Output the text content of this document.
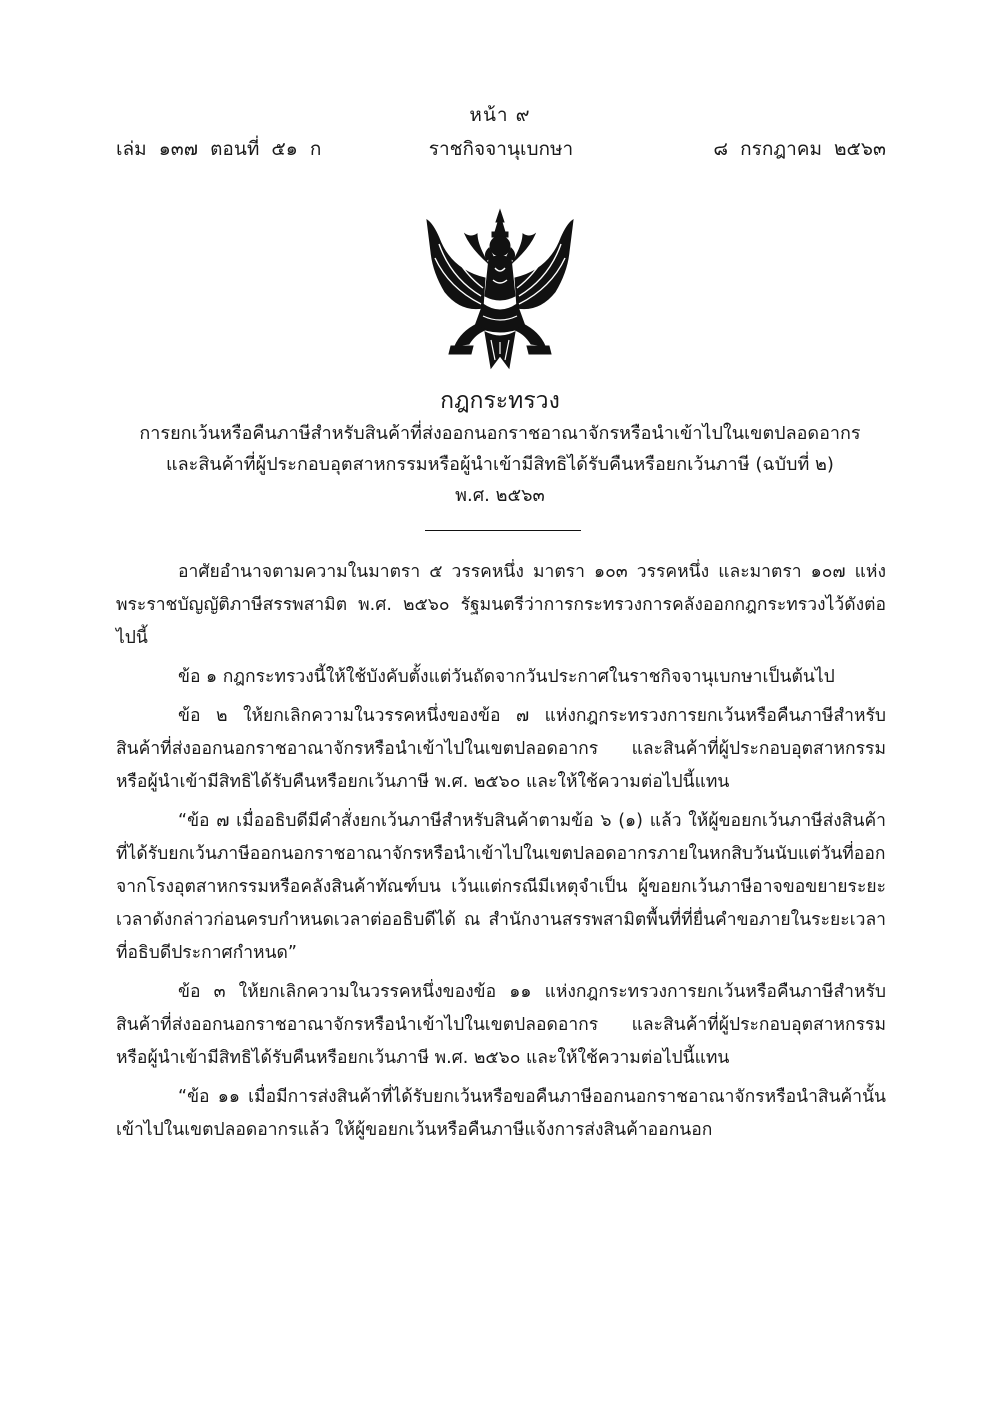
หน้า ๙
เล่ม ๑๓๗ ตอนที่ ๕๑ ก	ราชกิจจานุเบกษา	๘ กรกฎาคม ๒๕๖๓
กฎกระทรวง
การยกเว้นหรือคืนภาษีสำหรับสินค้าที่ส่งออกนอกราชอาณาจักรหรือนำเข้าไปในเขตปลอดอากร
และสินค้าที่ผู้ประกอบอุตสาหกรรมหรือผู้นำเข้ามีสิทธิได้รับคืนหรือยกเว้นภาษี (ฉบับที่ ๒)
พ.ศ. ๒๕๖๓

อาศัยอำนาจตามความในมาตรา ๕ วรรคหนึ่ง มาตรา ๑๐๓ วรรคหนึ่ง และมาตรา ๑๐๗ แห่งพระราชบัญญัติภาษีสรรพสามิต พ.ศ. ๒๕๖๐ รัฐมนตรีว่าการกระทรวงการคลังออกกฎกระทรวงไว้ดังต่อไปนี้

ข้อ ๑ กฎกระทรวงนี้ให้ใช้บังคับตั้งแต่วันถัดจากวันประกาศในราชกิจจานุเบกษาเป็นต้นไป

ข้อ ๒ ให้ยกเลิกความในวรรคหนึ่งของข้อ ๗ แห่งกฎกระทรวงการยกเว้นหรือคืนภาษีสำหรับสินค้าที่ส่งออกนอกราชอาณาจักรหรือนำเข้าไปในเขตปลอดอากร และสินค้าที่ผู้ประกอบอุตสาหกรรมหรือผู้นำเข้ามีสิทธิได้รับคืนหรือยกเว้นภาษี พ.ศ. ๒๕๖๐ และให้ใช้ความต่อไปนี้แทน

“ข้อ ๗ เมื่ออธิบดีมีคำสั่งยกเว้นภาษีสำหรับสินค้าตามข้อ ๖ (๑) แล้ว ให้ผู้ขอยกเว้นภาษีส่งสินค้าที่ได้รับยกเว้นภาษีออกนอกราชอาณาจักรหรือนำเข้าไปในเขตปลอดอากรภายในหกสิบวันนับแต่วันที่ออกจากโรงอุตสาหกรรมหรือคลังสินค้าทัณฑ์บน เว้นแต่กรณีมีเหตุจำเป็น ผู้ขอยกเว้นภาษีอาจขอขยายระยะเวลาดังกล่าวก่อนครบกำหนดเวลาต่ออธิบดีได้ ณ สำนักงานสรรพสามิตพื้นที่ที่ยื่นคำขอภายในระยะเวลาที่อธิบดีประกาศกำหนด”

ข้อ ๓ ให้ยกเลิกความในวรรคหนึ่งของข้อ ๑๑ แห่งกฎกระทรวงการยกเว้นหรือคืนภาษีสำหรับสินค้าที่ส่งออกนอกราชอาณาจักรหรือนำเข้าไปในเขตปลอดอากร และสินค้าที่ผู้ประกอบอุตสาหกรรมหรือผู้นำเข้ามีสิทธิได้รับคืนหรือยกเว้นภาษี พ.ศ. ๒๕๖๐ และให้ใช้ความต่อไปนี้แทน

“ข้อ ๑๑ เมื่อมีการส่งสินค้าที่ได้รับยกเว้นหรือขอคืนภาษีออกนอกราชอาณาจักรหรือนำสินค้านั้นเข้าไปในเขตปลอดอากรแล้ว ให้ผู้ขอยกเว้นหรือคืนภาษีแจ้งการส่งสินค้าออกนอก
